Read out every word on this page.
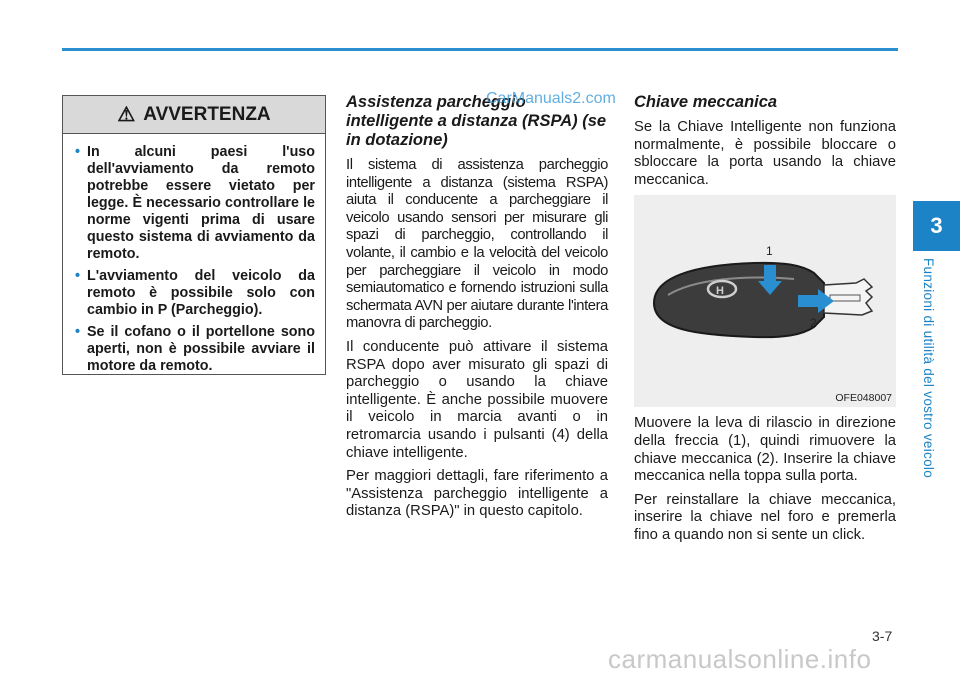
3
Funzioni di utilità del vostro veicolo
⚠ AVVERTENZA
• In alcuni paesi l'uso dell'avviamento da remoto potrebbe essere vietato per legge. È necessario controllare le norme vigenti prima di usare questo sistema di avviamento da remoto.
• L'avviamento del veicolo da remoto è possibile solo con cambio in P (Parcheggio).
• Se il cofano o il portellone sono aperti, non è possibile avviare il motore da remoto.
Assistenza parcheggio intelligente a distanza (RSPA) (se in dotazione)

Il sistema di assistenza parcheggio intelligente a distanza (sistema RSPA) aiuta il conducente a parcheggiare il veicolo usando sensori per misurare gli spazi di parcheggio, controllando il volante, il cambio e la velocità del veicolo per parcheggiare il veicolo in modo semiautomatico e fornendo istruzioni sulla schermata AVN per aiutare durante l'intera manovra di parcheggio.

Il conducente può attivare il sistema RSPA dopo aver misurato gli spazi di parcheggio o usando la chiave intelligente. È anche possibile muovere il veicolo in marcia avanti o in retromarcia usando i pulsanti (4) della chiave intelligente.

Per maggiori dettagli, fare riferimento a "Assistenza parcheggio intelligente a distanza (RSPA)" in questo capitolo.

CarManuals2.com Chiave meccanica

Se la Chiave Intelligente non funziona normalmente, è possibile bloccare o sbloccare la porta usando la chiave meccanica.

H
1
2
OFE048007

Muovere la leva di rilascio in direzione della freccia (1), quindi rimuovere la chiave meccanica (2). Inserire la chiave meccanica nella toppa sulla porta.

Per reinstallare la chiave meccanica, inserire la chiave nel foro e premerla fino a quando non si sente un click.

3-7
carmanualsonline.info
